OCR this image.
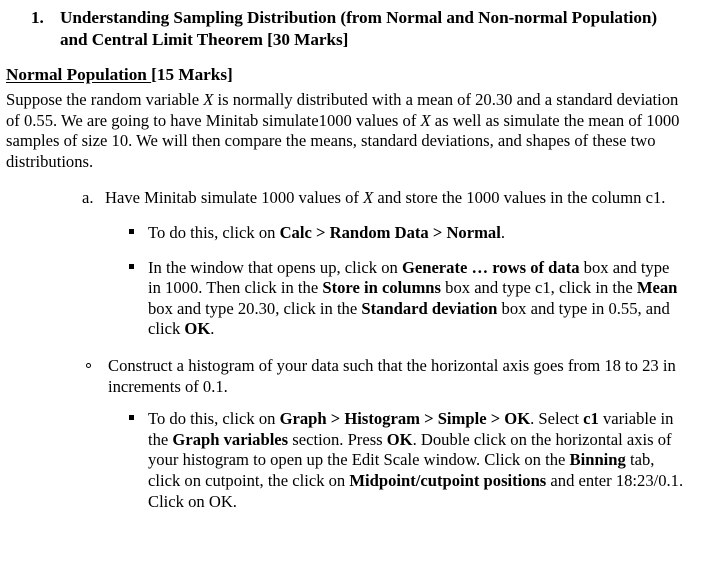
1. Understanding Sampling Distribution (from Normal and Non-normal Population)
and Central Limit Theorem [30 Marks]
Normal Population [15 Marks]
Suppose the random variable X is normally distributed with a mean of 20.30 and a standard deviation of 0.55. We are going to have Minitab simulate1000 values of X as well as simulate the mean of 1000 samples of size 10. We will then compare the means, standard deviations, and shapes of these two distributions.
a. Have Minitab simulate 1000 values of X and store the 1000 values in the column c1.
To do this, click on Calc > Random Data > Normal.
In the window that opens up, click on Generate … rows of data box and type in 1000. Then click in the Store in columns box and type c1, click in the Mean box and type 20.30, click in the Standard deviation box and type in 0.55, and click OK.
Construct a histogram of your data such that the horizontal axis goes from 18 to 23 in increments of 0.1.
To do this, click on Graph > Histogram > Simple > OK. Select c1 variable in the Graph variables section. Press OK. Double click on the horizontal axis of your histogram to open up the Edit Scale window. Click on the Binning tab, click on cutpoint, the click on Midpoint/cutpoint positions and enter 18:23/0.1. Click on OK.
